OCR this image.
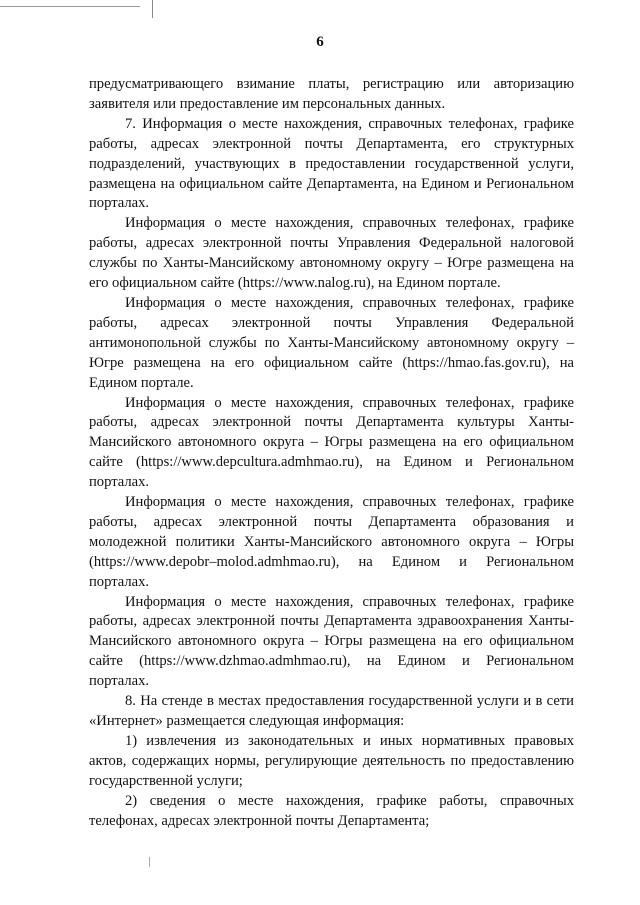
6

предусматривающего взимание платы, регистрацию или авторизацию заявителя или предоставление им персональных данных.

7. Информация о месте нахождения, справочных телефонах, графике работы, адресах электронной почты Департамента, его структурных подразделений, участвующих в предоставлении государственной услуги, размещена на официальном сайте Департамента, на Едином и Региональном порталах.

Информация о месте нахождения, справочных телефонах, графике работы, адресах электронной почты Управления Федеральной налоговой службы по Ханты-Мансийскому автономному округу – Югре размещена на его официальном сайте (https://www.nalog.ru), на Едином портале.

Информация о месте нахождения, справочных телефонах, графике работы, адресах электронной почты Управления Федеральной антимонопольной службы по Ханты-Мансийскому автономному округу – Югре размещена на его официальном сайте (https://hmao.fas.gov.ru), на Едином портале.

Информация о месте нахождения, справочных телефонах, графике работы, адресах электронной почты Департамента культуры Ханты-Мансийского автономного округа – Югры размещена на его официальном сайте (https://www.depcultura.admhmao.ru), на Едином и Региональном порталах.

Информация о месте нахождения, справочных телефонах, графике работы, адресах электронной почты Департамента образования и молодежной политики Ханты-Мансийского автономного округа – Югры (https://www.depobr–molod.admhmao.ru), на Едином и Региональном порталах.

Информация о месте нахождения, справочных телефонах, графике работы, адресах электронной почты Департамента здравоохранения Ханты-Мансийского автономного округа – Югры размещена на его официальном сайте (https://www.dzhmao.admhmao.ru), на Едином и Региональном порталах.

8. На стенде в местах предоставления государственной услуги и в сети «Интернет» размещается следующая информация:

1) извлечения из законодательных и иных нормативных правовых актов, содержащих нормы, регулирующие деятельность по предоставлению государственной услуги;

2) сведения о месте нахождения, графике работы, справочных телефонах, адресах электронной почты Департамента;
